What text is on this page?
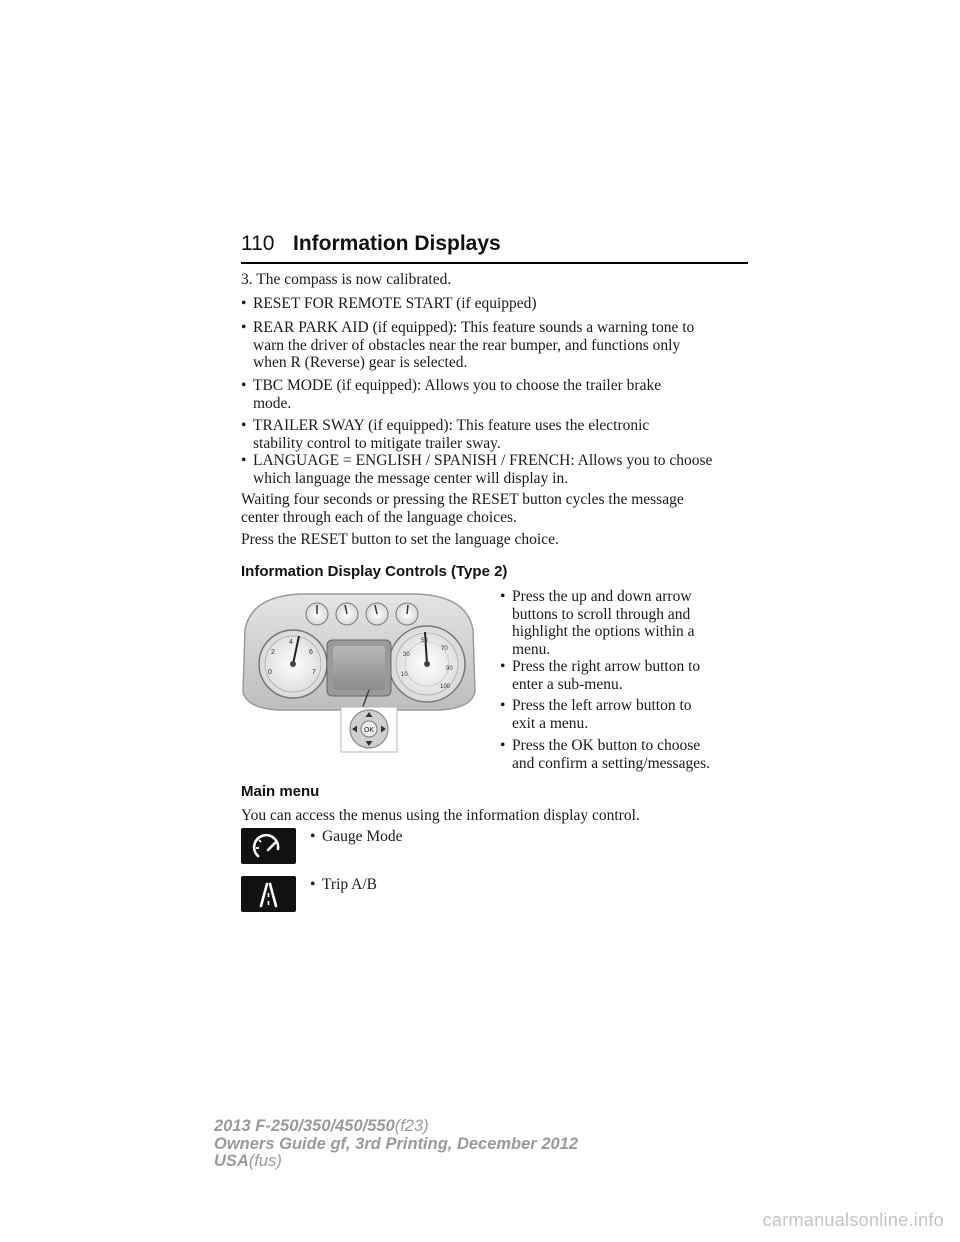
110 Information Displays
3. The compass is now calibrated.
• RESET FOR REMOTE START (if equipped)
• REAR PARK AID (if equipped): This feature sounds a warning tone to
warn the driver of obstacles near the rear bumper, and functions only
when R (Reverse) gear is selected.
• TBC MODE (if equipped): Allows you to choose the trailer brake
mode.
• TRAILER SWAY (if equipped): This feature uses the electronic
stability control to mitigate trailer sway.
• LANGUAGE = ENGLISH / SPANISH / FRENCH: Allows you to choose
which language the message center will display in.
Waiting four seconds or pressing the RESET button cycles the message
center through each of the language choices.
Press the RESET button to set the language choice.
Information Display Controls (Type 2)
0
2
4
6
7	10
30
50
70
90
100
OK
• Press the up and down arrow
buttons to scroll through and
highlight the options within a
menu.
• Press the right arrow button to
enter a sub-menu.
• Press the left arrow button to
exit a menu.
• Press the OK button to choose
and confirm a setting/messages.
Main menu
You can access the menus using the information display control.
• Gauge Mode
• Trip A/B
2013 F-250/350/450/550(f23)
Owners Guide gf, 3rd Printing, December 2012
USA(fus)
carmanualsonline.info
